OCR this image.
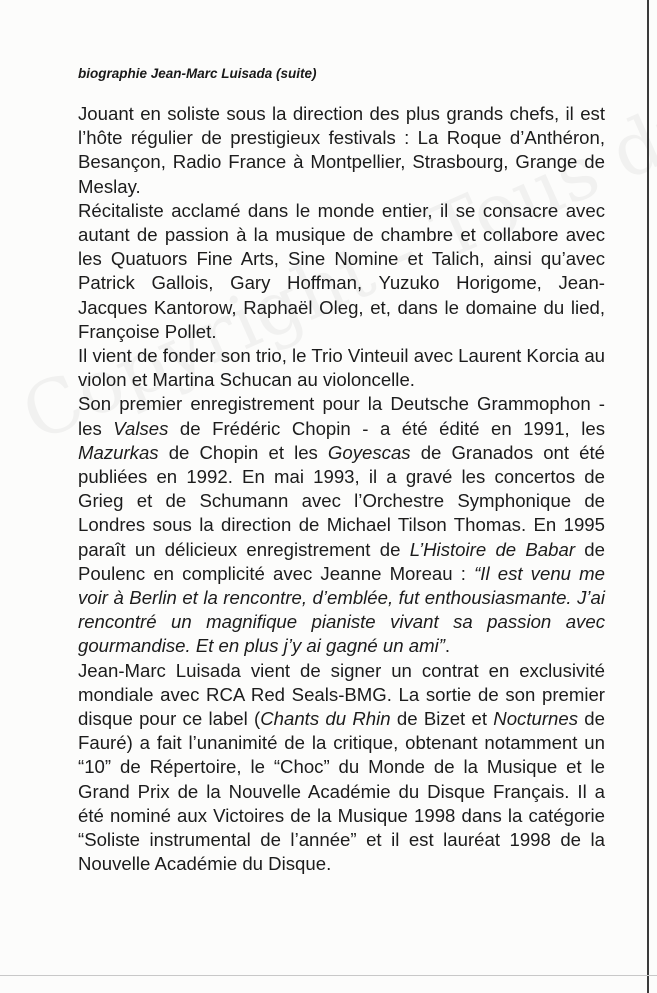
biographie Jean-Marc Luisada (suite)

Jouant en soliste sous la direction des plus grands chefs, il est l’hôte régulier de prestigieux festivals : La Roque d’Anthéron, Besançon, Radio France à Montpellier, Strasbourg, Grange de Meslay.

Récitaliste acclamé dans le monde entier, il se consacre avec autant de passion à la musique de chambre et collabore avec les Quatuors Fine Arts, Sine Nomine et Talich, ainsi qu’avec Patrick Gallois, Gary Hoffman, Yuzuko Horigome, Jean-Jacques Kantorow, Raphaël Oleg, et, dans le domaine du lied, Françoise Pollet.

Il vient de fonder son trio, le Trio Vinteuil avec Laurent Korcia au violon et Martina Schucan au violoncelle.

Son premier enregistrement pour la Deutsche Grammophon - les Valses de Frédéric Chopin - a été édité en 1991, les Mazurkas de Chopin et les Goyescas de Granados ont été publiées en 1992. En mai 1993, il a gravé les concertos de Grieg et de Schumann avec l’Orchestre Symphonique de Londres sous la direction de Michael Tilson Thomas. En 1995 paraît un délicieux enregistrement de L’Histoire de Babar de Poulenc en complicité avec Jeanne Moreau : “Il est venu me voir à Berlin et la rencontre, d’emblée, fut enthousiasmante. J’ai rencontré un magnifique pianiste vivant sa passion avec gourmandise. Et en plus j’y ai gagné un ami”.

Jean-Marc Luisada vient de signer un contrat en exclusivité mondiale avec RCA Red Seals-BMG. La sortie de son premier disque pour ce label (Chants du Rhin de Bizet et Nocturnes de Fauré) a fait l’unanimité de la critique, obtenant notamment un “10” de Répertoire, le “Choc” du Monde de la Musique et le Grand Prix de la Nouvelle Académie du Disque Français. Il a été nominé aux Victoires de la Musique 1998 dans la catégorie “Soliste instrumental de l’année” et il est lauréat 1998 de la Nouvelle Académie du Disque.
